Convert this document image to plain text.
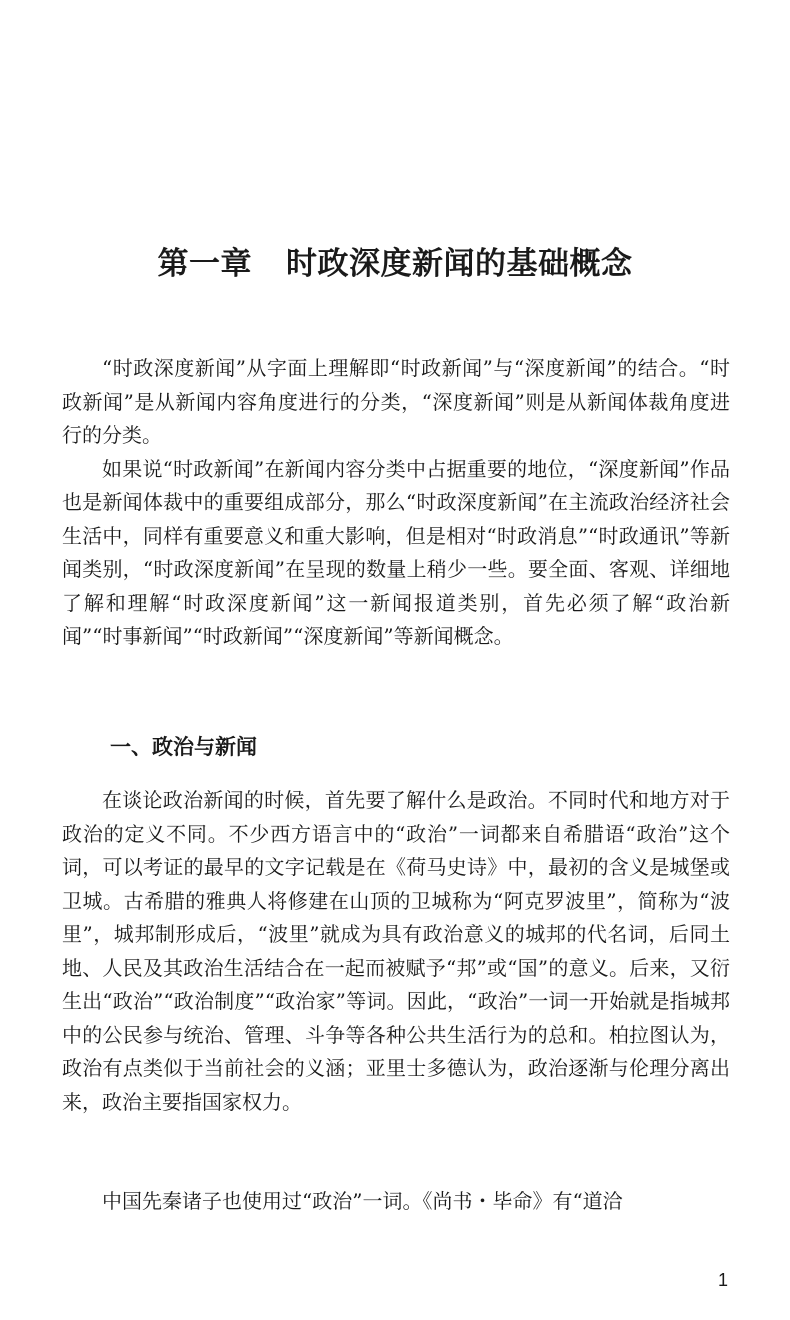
第一章 时政深度新闻的基础概念

“时政深度新闻”从字面上理解即“时政新闻”与“深度新闻”的结合。“时政新闻”是从新闻内容角度进行的分类，“深度新闻”则是从新闻体裁角度进行的分类。

如果说“时政新闻”在新闻内容分类中占据重要的地位，“深度新闻”作品也是新闻体裁中的重要组成部分，那么“时政深度新闻”在主流政治经济社会生活中，同样有重要意义和重大影响，但是相对“时政消息”“时政通讯”等新闻类别，“时政深度新闻”在呈现的数量上稍少一些。要全面、客观、详细地了解和理解“时政深度新闻”这一新闻报道类别，首先必须了解“政治新闻”“时事新闻”“时政新闻”“深度新闻”等新闻概念。

一、政治与新闻

在谈论政治新闻的时候，首先要了解什么是政治。不同时代和地方对于政治的定义不同。不少西方语言中的“政治”一词都来自希腊语“政治”这个词，可以考证的最早的文字记载是在《荷马史诗》中，最初的含义是城堡或卫城。古希腊的雅典人将修建在山顶的卫城称为“阿克罗波里”，简称为“波里”，城邦制形成后，“波里”就成为具有政治意义的城邦的代名词，后同土地、人民及其政治生活结合在一起而被赋予“邦”或“国”的意义。后来，又衍生出“政治”“政治制度”“政治家”等词。因此，“政治”一词一开始就是指城邦中的公民参与统治、管理、斗争等各种公共生活行为的总和。柏拉图认为，政治有点类似于当前社会的义涵；亚里士多德认为，政治逐渐与伦理分离出来，政治主要指国家权力。

中国先秦诸子也使用过“政治”一词。《尚书・毕命》有“道洽

1
